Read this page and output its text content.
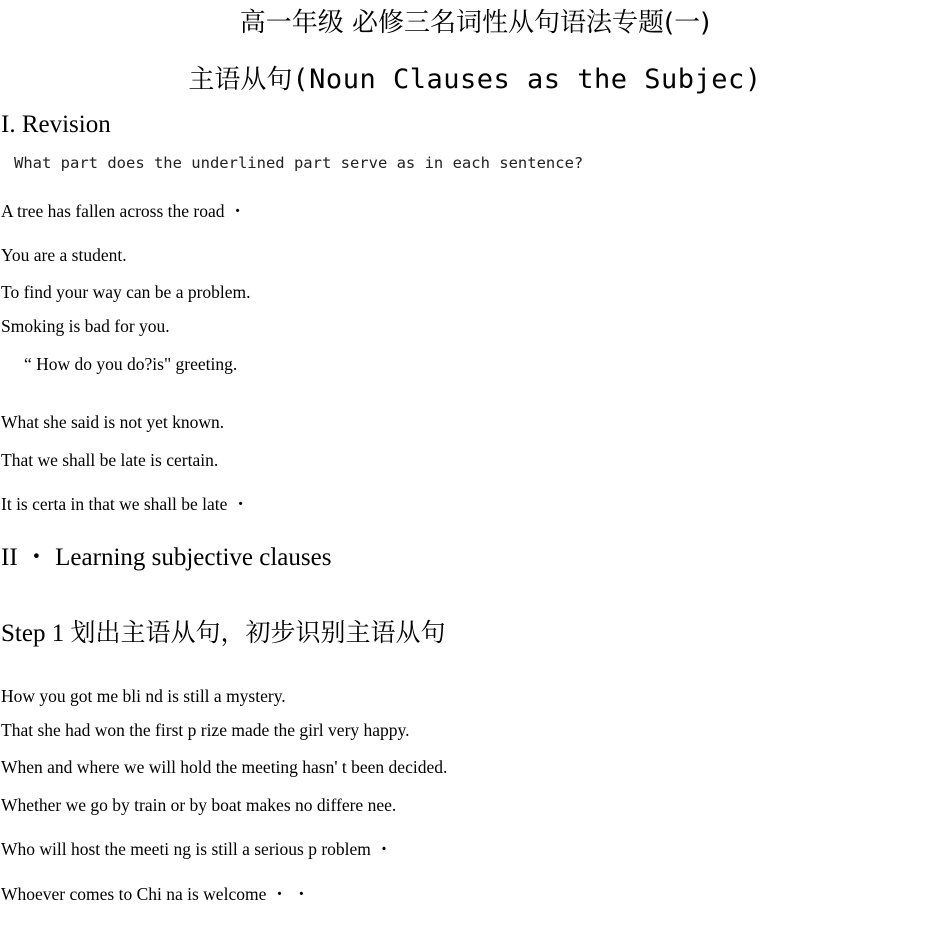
高一年级 必修三名词性从句语法专题(一)
主语从句(Noun Clauses as the Subjec)
I. Revision
What part does the underlined part serve as in each sentence?
A tree has fallen across the road ・
You are a student.
To find your way can be a problem.
Smoking is bad for you.
“ How do you do?is" greeting.
What she said is not yet known.
That we shall be late is certain.
It is certa in that we shall be late ・
II ・ Learning subjective clauses
Step 1 划出主语从句，初步识别主语从句
How you got me bli nd is still a mystery.
That she had won the first p rize made the girl very happy.
When and where we will hold the meeting hasn' t been decided.
Whether we go by train or by boat makes no differe nee.
Who will host the meeti ng is still a serious p roblem ・
Whoever comes to Chi na is welcome ・ ・
